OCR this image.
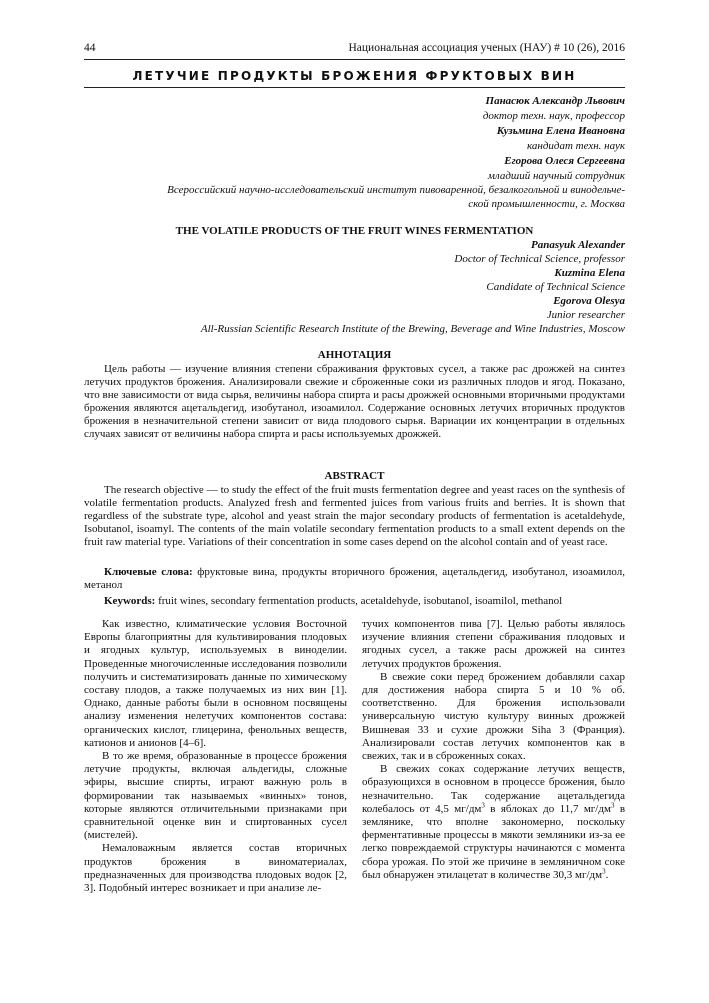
44	Национальная ассоциация ученых (НАУ) # 10 (26), 2016
ЛЕТУЧИЕ ПРОДУКТЫ БРОЖЕНИЯ ФРУКТОВЫХ ВИН
Панасюк Александр Львович
доктор техн. наук, профессор
Кузьмина Елена Ивановна
кандидат техн. наук
Егорова Олеся Сергеевна
младший научный сотрудник
Всероссийский научно-исследовательский институт пивоваренной, безалкогольной и винодельче-
ской промышленности, г. Москва
THE VOLATILE PRODUCTS OF THE FRUIT WINES FERMENTATION
Panasyuk Alexander
Doctor of Technical Science, professor
Kuzmina Elena
Candidate of Technical Science
Egorova Olesya
Junior researcher
All-Russian Scientific Research Institute of the Brewing, Beverage and Wine Industries, Moscow
АННОТАЦИЯ
Цель работы — изучение влияния степени сбраживания фруктовых сусел, а также рас дрожжей на синтез летучих продуктов брожения. Анализировали свежие и сброженные соки из различных плодов и ягод. Показано, что вне зависимости от вида сырья, величины набора спирта и расы дрожжей основными вторичными продуктами брожения являются ацетальдегид, изобутанол, изоамилол. Содержание основных летучих вторичных продуктов брожения в незначительной степени зависит от вида плодового сырья. Вариации их концентрации в отдельных случаях зависят от величины набора спирта и расы используемых дрожжей.
ABSTRACT
The research objective — to study the effect of the fruit musts fermentation degree and yeast races on the synthesis of volatile fermentation products. Analyzed fresh and fermented juices from various fruits and berries. It is shown that regardless of the substrate type, alcohol and yeast strain the major secondary products of fermentation is acetaldehyde, Isobutanol, isoamyl. The contents of the main volatile secondary fermentation products to a small extent depends on the fruit raw material type. Variations of their concentration in some cases depend on the alcohol contain and of yeast race.
Ключевые слова: фруктовые вина, продукты вторичного брожения, ацетальдегид, изобутанол, изоамилол, метанол
Keywords: fruit wines, secondary fermentation products, acetaldehyde, isobutanol, isoamilol, methanol

Как известно, климатические условия Восточной Европы благоприятны для культивирования плодовых и ягодных культур, используемых в виноделии. Проведенные многочисленные исследования позволили получить и систематизировать данные по химическому составу плодов, а также получаемых из них вин [1]. Однако, данные работы были в основном посвящены анализу изменения нелетучих компонентов состава: органических кислот, глицерина, фенольных веществ, катионов и анионов [4–6].

В то же время, образованные в процессе брожения летучие продукты, включая альдегиды, сложные эфиры, высшие спирты, играют важную роль в формировании так называемых «винных» тонов, которые являются отличительными признаками при сравнительной оценке вин и спиртованных сусел (мистелей).

Немаловажным является состав вторичных продуктов брожения в виноматериалах, предназначенных для производства плодовых водок [2, 3]. Подобный интерес возникает и при анализе ле-

тучих компонентов пива [7]. Целью работы являлось изучение влияния степени сбраживания плодовых и ягодных сусел, а также расы дрожжей на синтез летучих продуктов брожения.

В свежие соки перед брожением добавляли сахар для достижения набора спирта 5 и 10 % об. соответственно. Для брожения использовали универсальную чистую культуру винных дрожжей Вишневая 33 и сухие дрожжи Siha 3 (Франция). Анализировали состав летучих компонентов как в свежих, так и в сброженных соках.

В свежих соках содержание летучих веществ, образующихся в основном в процессе брожения, было незначительно. Так содержание ацетальдегида колебалось от 4,5 $мг/дм^3$ в яблоках до 11,7 $мг/дм^3$ в землянике, что вполне закономерно, поскольку ферментативные процессы в мякоти земляники из-за ее легко повреждаемой структуры начинаются с момента сбора урожая. По этой же причине в земляничном соке был обнаружен этилацетат в количестве 30,3 $мг/дм^3$.
